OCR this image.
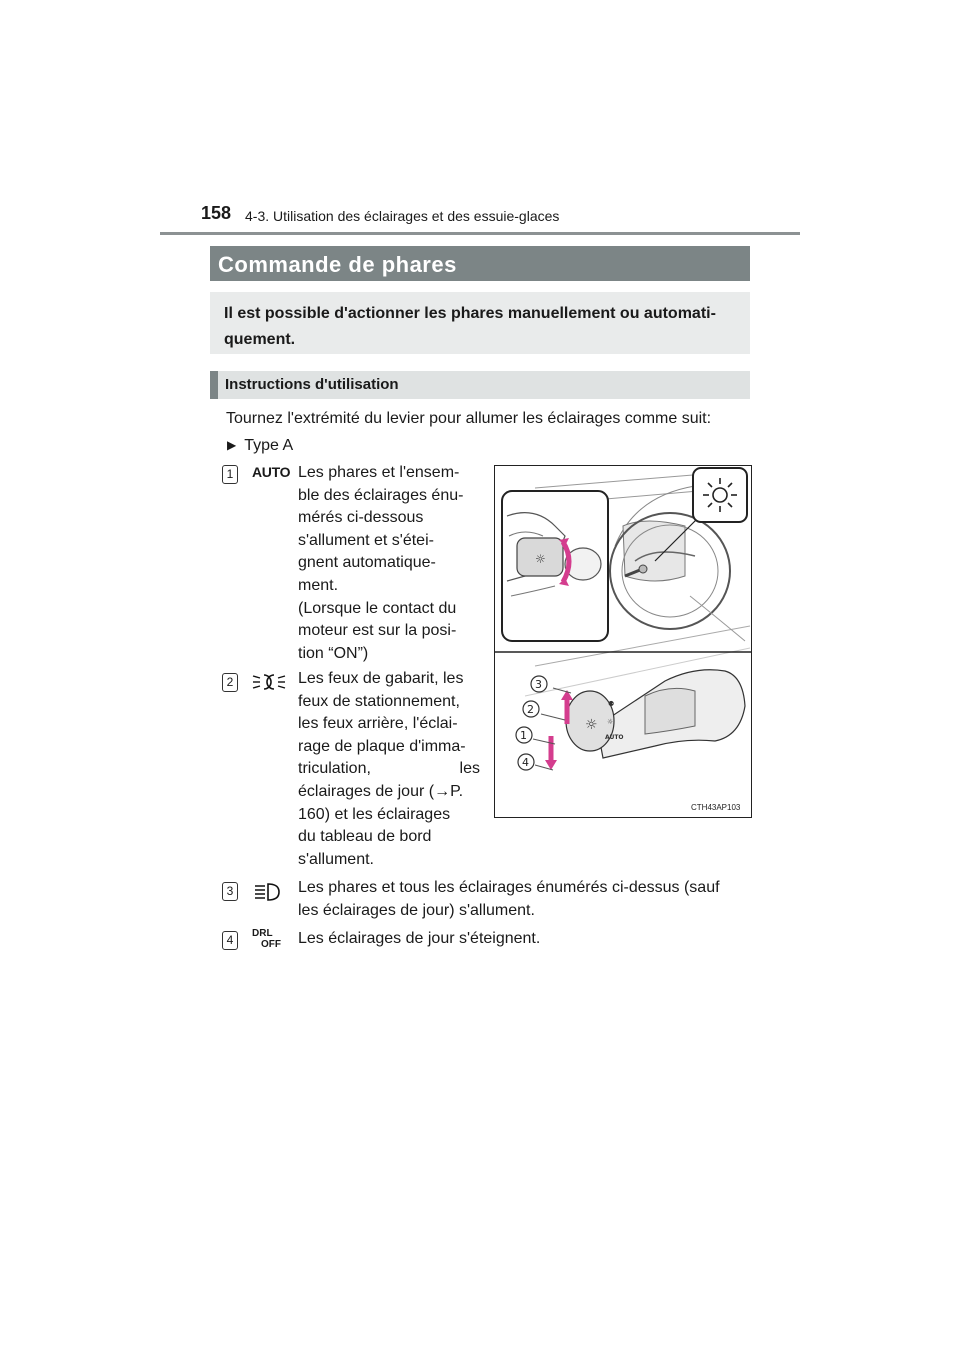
158 4-3. Utilisation des éclairages et des essuie-glaces
Commande de phares
Il est possible d'actionner les phares manuellement ou automati-quement.
Instructions d'utilisation
Tournez l'extrémité du levier pour allumer les éclairages comme suit:
▶ Type A
1	AUTO Les phares et l'ensem-
ble des éclairages énu-
mérés ci-dessous
s'allument et s'étei-
gnent automatique-
ment.
(Lorsque le contact du
moteur est sur la posi-
tion “ON”)
2	Les feux de gabarit, les
feux de stationnement,
les feux arrière, l'éclai-
rage de plaque d'imma-
triculation, les
éclairages de jour (→P.
160) et les éclairages
du tableau de bord
s'allument.
3	Les phares et tous les éclairages énumérés ci-dessus (sauf
les éclairages de jour) s'allument.
4	DRL
OFF Les éclairages de jour s'éteignent.
☼
☼
⚈
☼
AUTO
3
2
1
4
CTH43AP103
